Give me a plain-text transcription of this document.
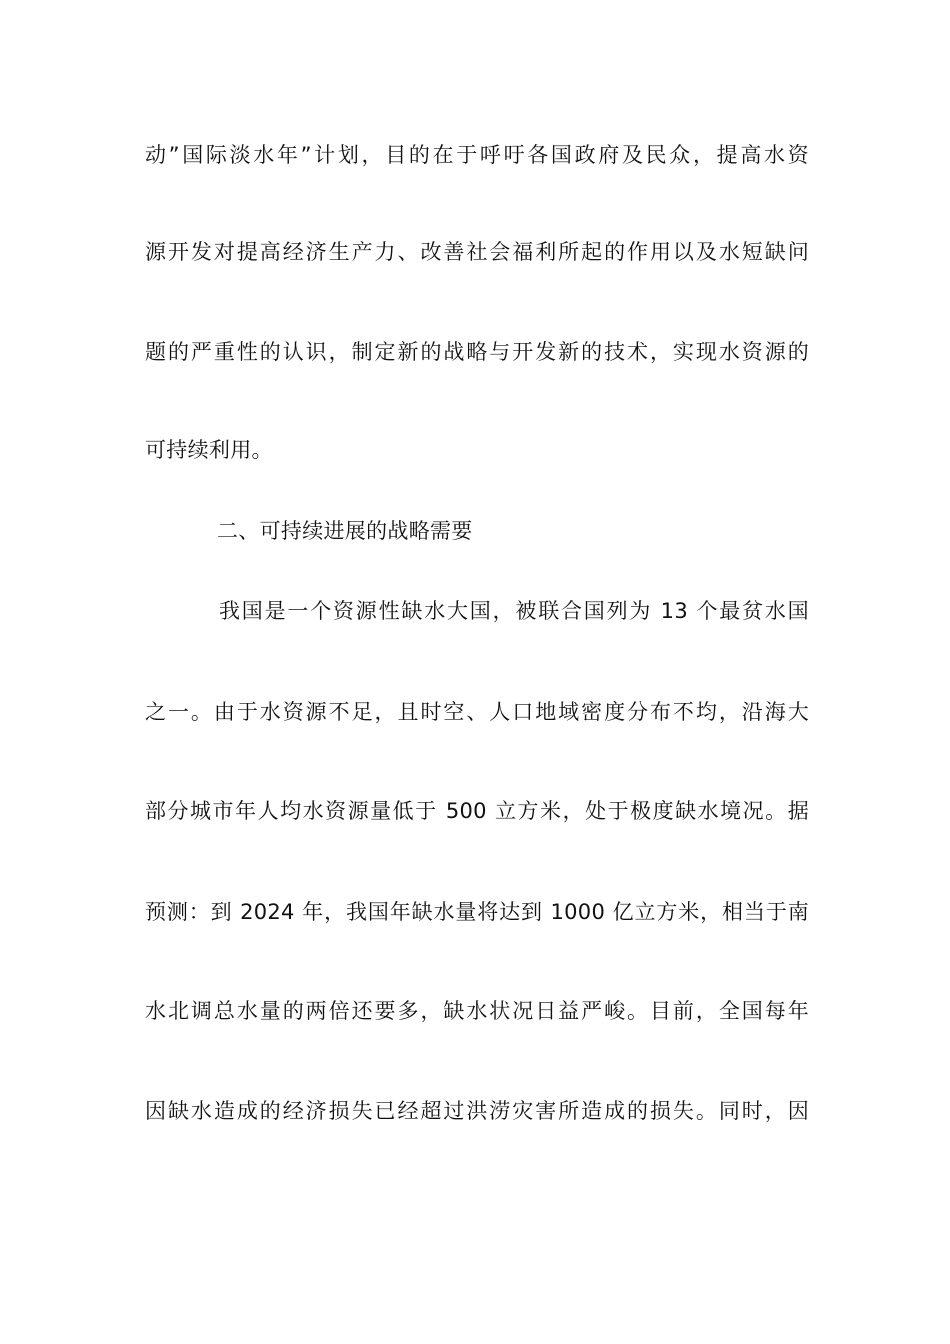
动”国际淡水年”计划，目的在于呼吁各国政府及民众，提高水资
源开发对提高经济生产力、改善社会福利所起的作用以及水短缺问
题的严重性的认识，制定新的战略与开发新的技术，实现水资源的
可持续利用。
二、可持续进展的战略需要
我国是一个资源性缺水大国，被联合国列为 13 个最贫水国
之一。由于水资源不足，且时空、人口地域密度分布不均，沿海大
部分城市年人均水资源量低于 500 立方米，处于极度缺水境况。据
预测：到 2024 年，我国年缺水量将达到 1000 亿立方米，相当于南
水北调总水量的两倍还要多，缺水状况日益严峻。目前，全国每年
因缺水造成的经济损失已经超过洪涝灾害所造成的损失。同时，因
